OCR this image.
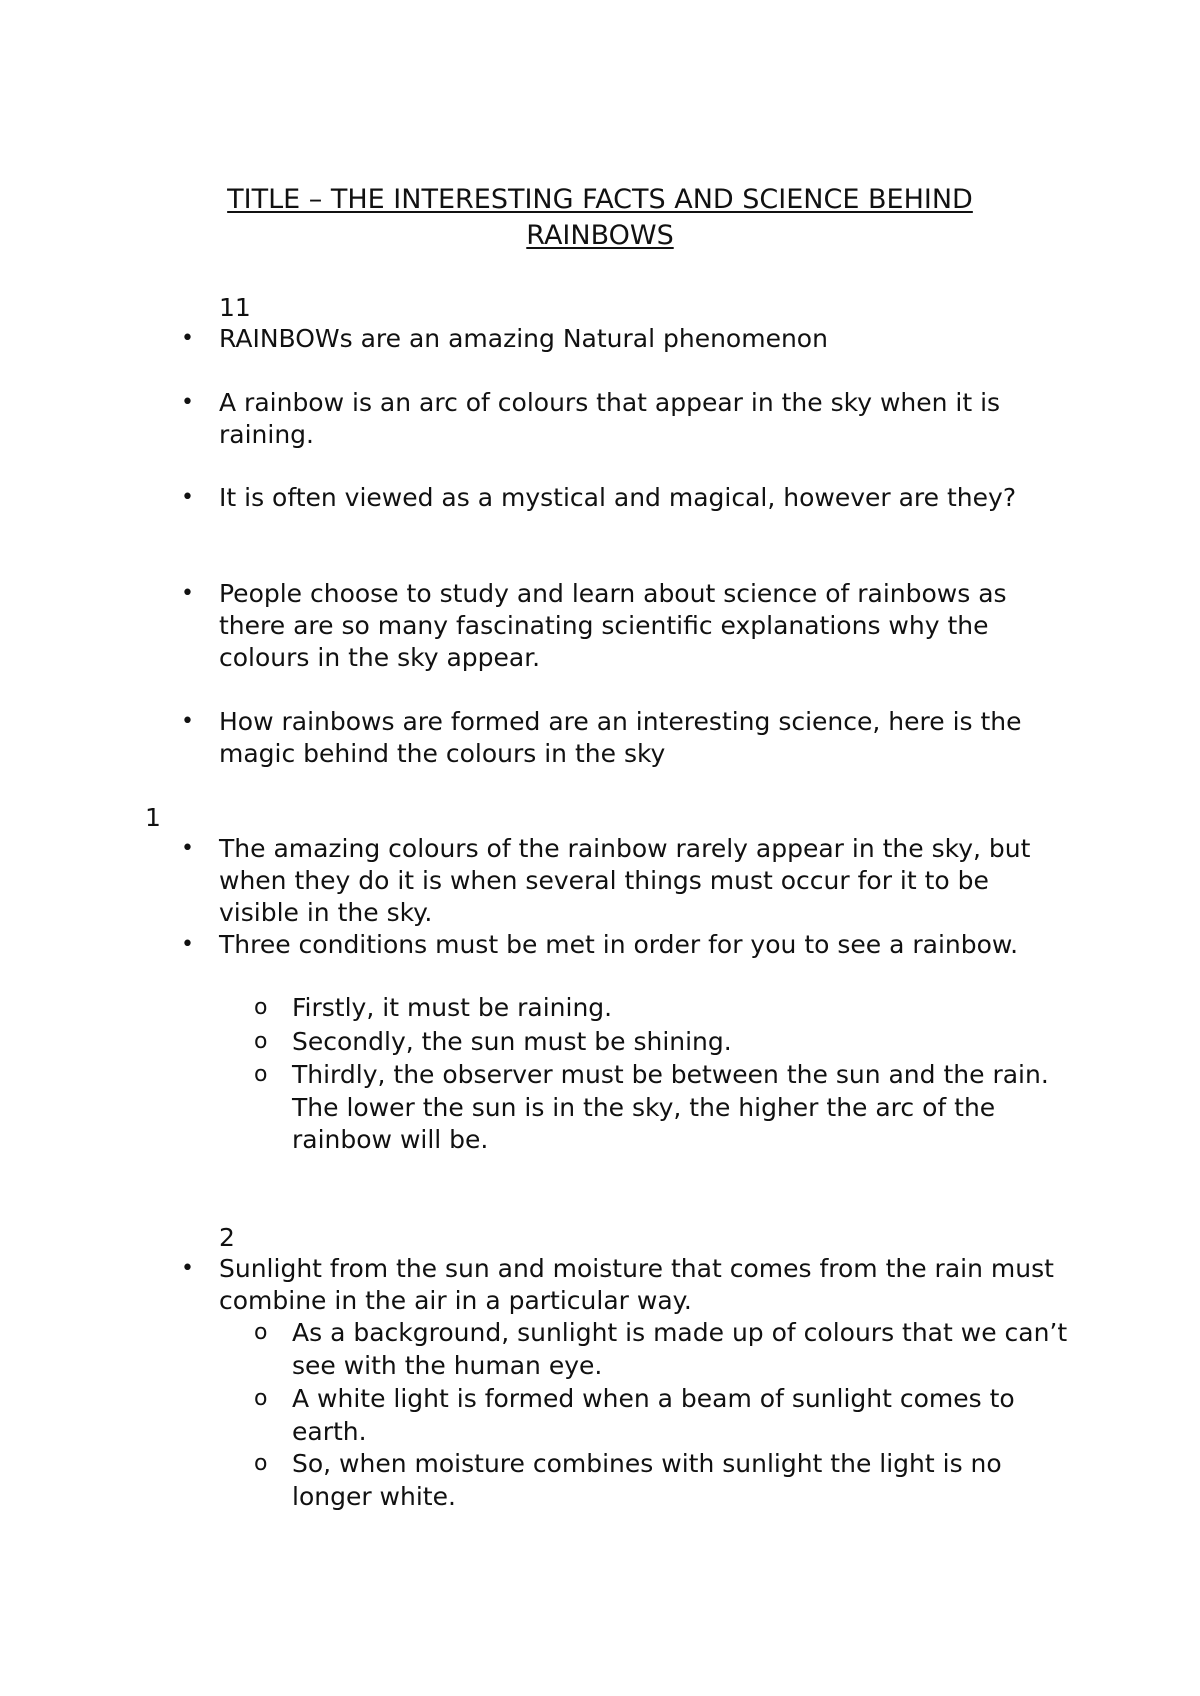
TITLE – THE INTERESTING FACTS AND SCIENCE BEHIND
RAINBOWS
11
• RAINBOWs are an amazing Natural phenomenon
• A rainbow is an arc of colours that appear in the sky when it is raining.
• It is often viewed as a mystical and magical, however are they?
• People choose to study and learn about science of rainbows as there are so many fascinating scientific explanations why the colours in the sky appear.
• How rainbows are formed are an interesting science, here is the magic behind the colours in the sky
1
• The amazing colours of the rainbow rarely appear in the sky, but when they do it is when several things must occur for it to be visible in the sky.
• Three conditions must be met in order for you to see a rainbow.
o Firstly, it must be raining.
o Secondly, the sun must be shining.
o Thirdly, the observer must be between the sun and the rain. The lower the sun is in the sky, the higher the arc of the rainbow will be.
2
• Sunlight from the sun and moisture that comes from the rain must combine in the air in a particular way.
o As a background, sunlight is made up of colours that we can’t see with the human eye.
o A white light is formed when a beam of sunlight comes to earth.
o So, when moisture combines with sunlight the light is no longer white.
